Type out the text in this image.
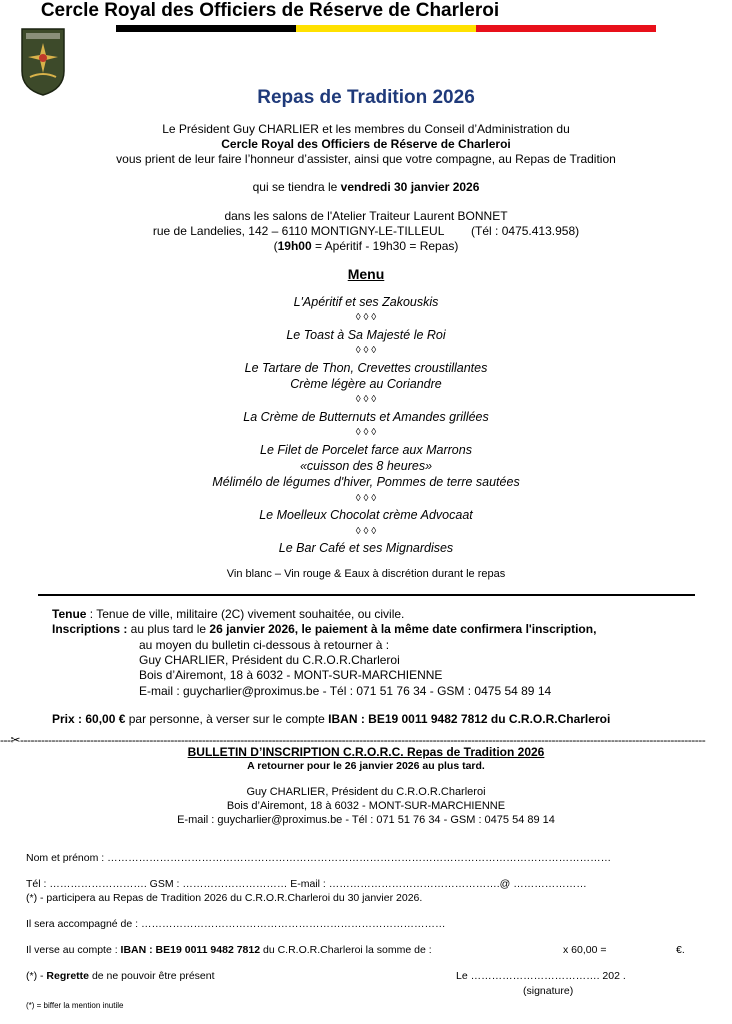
Cercle Royal des Officiers de Réserve de Charleroi
Repas de Tradition 2026
Le Président Guy CHARLIER et les membres du Conseil d’Administration du
Cercle Royal des Officiers de Réserve de Charleroi
vous prient de leur faire l’honneur d’assister, ainsi que votre compagne, au Repas de Tradition
qui se tiendra le vendredi 30 janvier 2026
dans les salons de l'Atelier Traiteur Laurent BONNET
rue de Landelies, 142 – 6110 MONTIGNY-LE-TILLEUL (Tél : 0475.413.958)
(19h00 = Apéritif - 19h30 = Repas)
Menu
L'Apéritif et ses Zakouskis
◊ ◊ ◊
Le Toast à Sa Majesté le Roi
◊ ◊ ◊
Le Tartare de Thon, Crevettes croustillantes
Crème légère au Coriandre
◊ ◊ ◊
La Crème de Butternuts et Amandes grillées
◊ ◊ ◊
Le Filet de Porcelet farce aux Marrons
«cuisson des 8 heures»
Mélimélo de légumes d'hiver, Pommes de terre sautées
◊ ◊ ◊
Le Moelleux Chocolat crème Advocaat
◊ ◊ ◊
Le Bar Café et ses Mignardises
Vin blanc – Vin rouge & Eaux à discrétion durant le repas
Tenue : Tenue de ville, militaire (2C) vivement souhaitée, ou civile.
Inscriptions : au plus tard le 26 janvier 2026, le paiement à la même date confirmera l'inscription,
au moyen du bulletin ci-dessous à retourner à :
Guy CHARLIER, Président du C.R.O.R.Charleroi
Bois d’Airemont, 18 à 6032 - MONT-SUR-MARCHIENNE
E-mail : guycharlier@proximus.be - Tél : 071 51 76 34 - GSM : 0475 54 89 14
Prix : 60,00 € par personne, à verser sur le compte IBAN : BE19 0011 9482 7812 du C.R.O.R.Charleroi
---✂----------------------------------------------------------------------------------------------------------------------------------------------------------------------------------------------------
BULLETIN D’INSCRIPTION C.R.O.R.C. Repas de Tradition 2026
A retourner pour le 26 janvier 2026 au plus tard.
Guy CHARLIER, Président du C.R.O.R.Charleroi
Bois d’Airemont, 18 à 6032 - MONT-SUR-MARCHIENNE
E-mail : guycharlier@proximus.be - Tél : 071 51 76 34 - GSM : 0475 54 89 14
Nom et prénom : ………………………………………………………………………………………………………………………………
Tél : ………………………. GSM : ………………………… E-mail : ………………………………………….@ …………………
(*) - participera au Repas de Tradition 2026 du C.R.O.R.Charleroi du 30 janvier 2026.
Il sera accompagné de : ……………………………………………………………………………
Il verse au compte : IBAN : BE19 0011 9482 7812 du C.R.O.R.Charleroi la somme de :	x 60,00 =	€.
(*) - Regrette de ne pouvoir être présent	Le ………………………………. 202 .
(signature)
(*) = biffer la mention inutile
